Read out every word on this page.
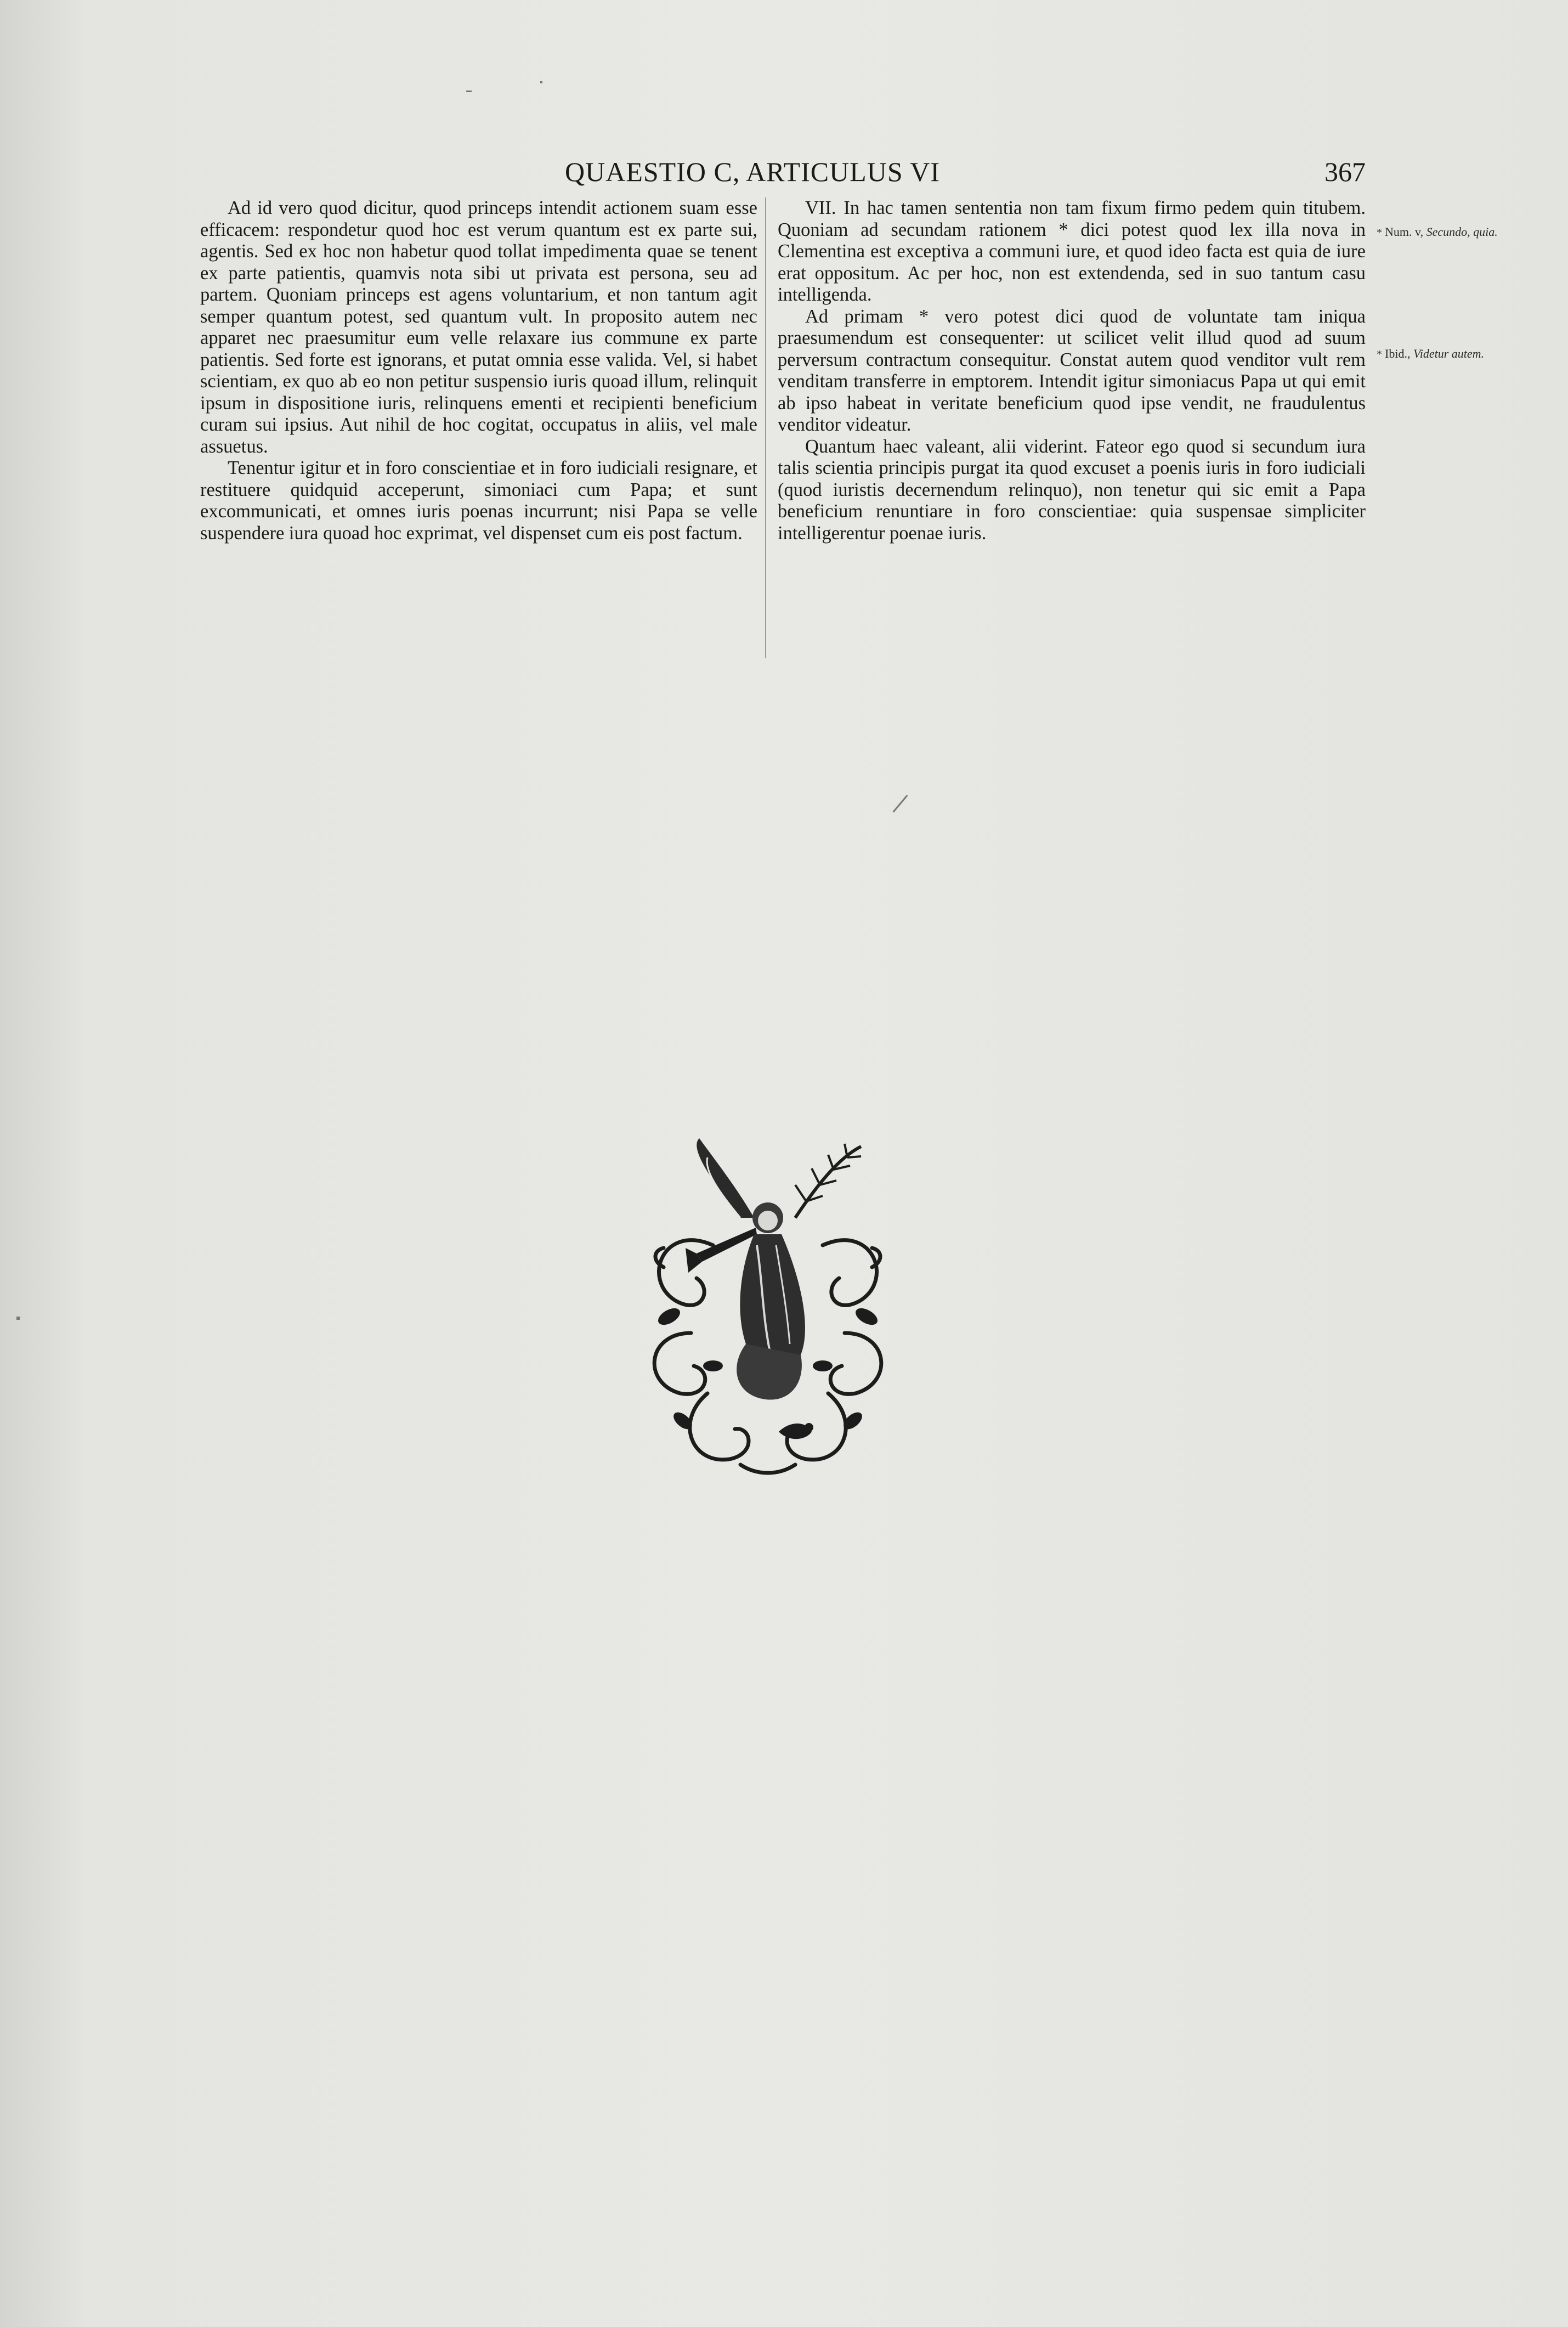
QUAESTIO C, ARTICULUS VI	367

Ad id vero quod dicitur, quod princeps intendit actionem suam esse efficacem: respondetur quod hoc est verum quantum est ex parte sui, agentis. Sed ex hoc non habetur quod tollat impedimenta quae se tenent ex parte patientis, quamvis nota sibi ut privata est persona, seu ad partem. Quoniam princeps est agens voluntarium, et non tantum agit semper quantum potest, sed quantum vult. In proposito autem nec apparet nec praesumitur eum velle relaxare ius commune ex parte patientis. Sed forte est ignorans, et putat omnia esse valida. Vel, si habet scientiam, ex quo ab eo non petitur suspensio iuris quoad illum, relinquit ipsum in dispositione iuris, relinquens ementi et recipienti beneficium curam sui ipsius. Aut nihil de hoc cogitat, occupatus in aliis, vel male assuetus.

Tenentur igitur et in foro conscientiae et in foro iudiciali resignare, et restituere quidquid acceperunt, simoniaci cum Papa; et sunt excommunicati, et omnes iuris poenas incurrunt; nisi Papa se velle suspendere iura quoad hoc exprimat, vel dispenset cum eis post factum.

VII. In hac tamen sententia non tam fixum firmo pedem quin titubem. Quoniam ad secundam rationem * dici potest quod lex illa nova in Clementina est exceptiva a communi iure, et quod ideo facta est quia de iure erat oppositum. Ac per hoc, non est extendenda, sed in suo tantum casu intelligenda.

Ad primam * vero potest dici quod de voluntate tam iniqua praesumendum est consequenter: ut scilicet velit illud quod ad suum perversum contractum consequitur. Constat autem quod venditor vult rem venditam transferre in emptorem. Intendit igitur simoniacus Papa ut qui emit ab ipso habeat in veritate beneficium quod ipse vendit, ne fraudulentus venditor videatur.

Quantum haec valeant, alii viderint. Fateor ego quod si secundum iura talis scientia principis purgat ita quod excuset a poenis iuris in foro iudiciali (quod iuristis decernendum relinquo), non tenetur qui sic emit a Papa beneficium renuntiare in foro conscientiae: quia suspensae simpliciter intelligerentur poenae iuris.

* Num. v, Secundo, quia.
* Ibid., Videtur autem.
